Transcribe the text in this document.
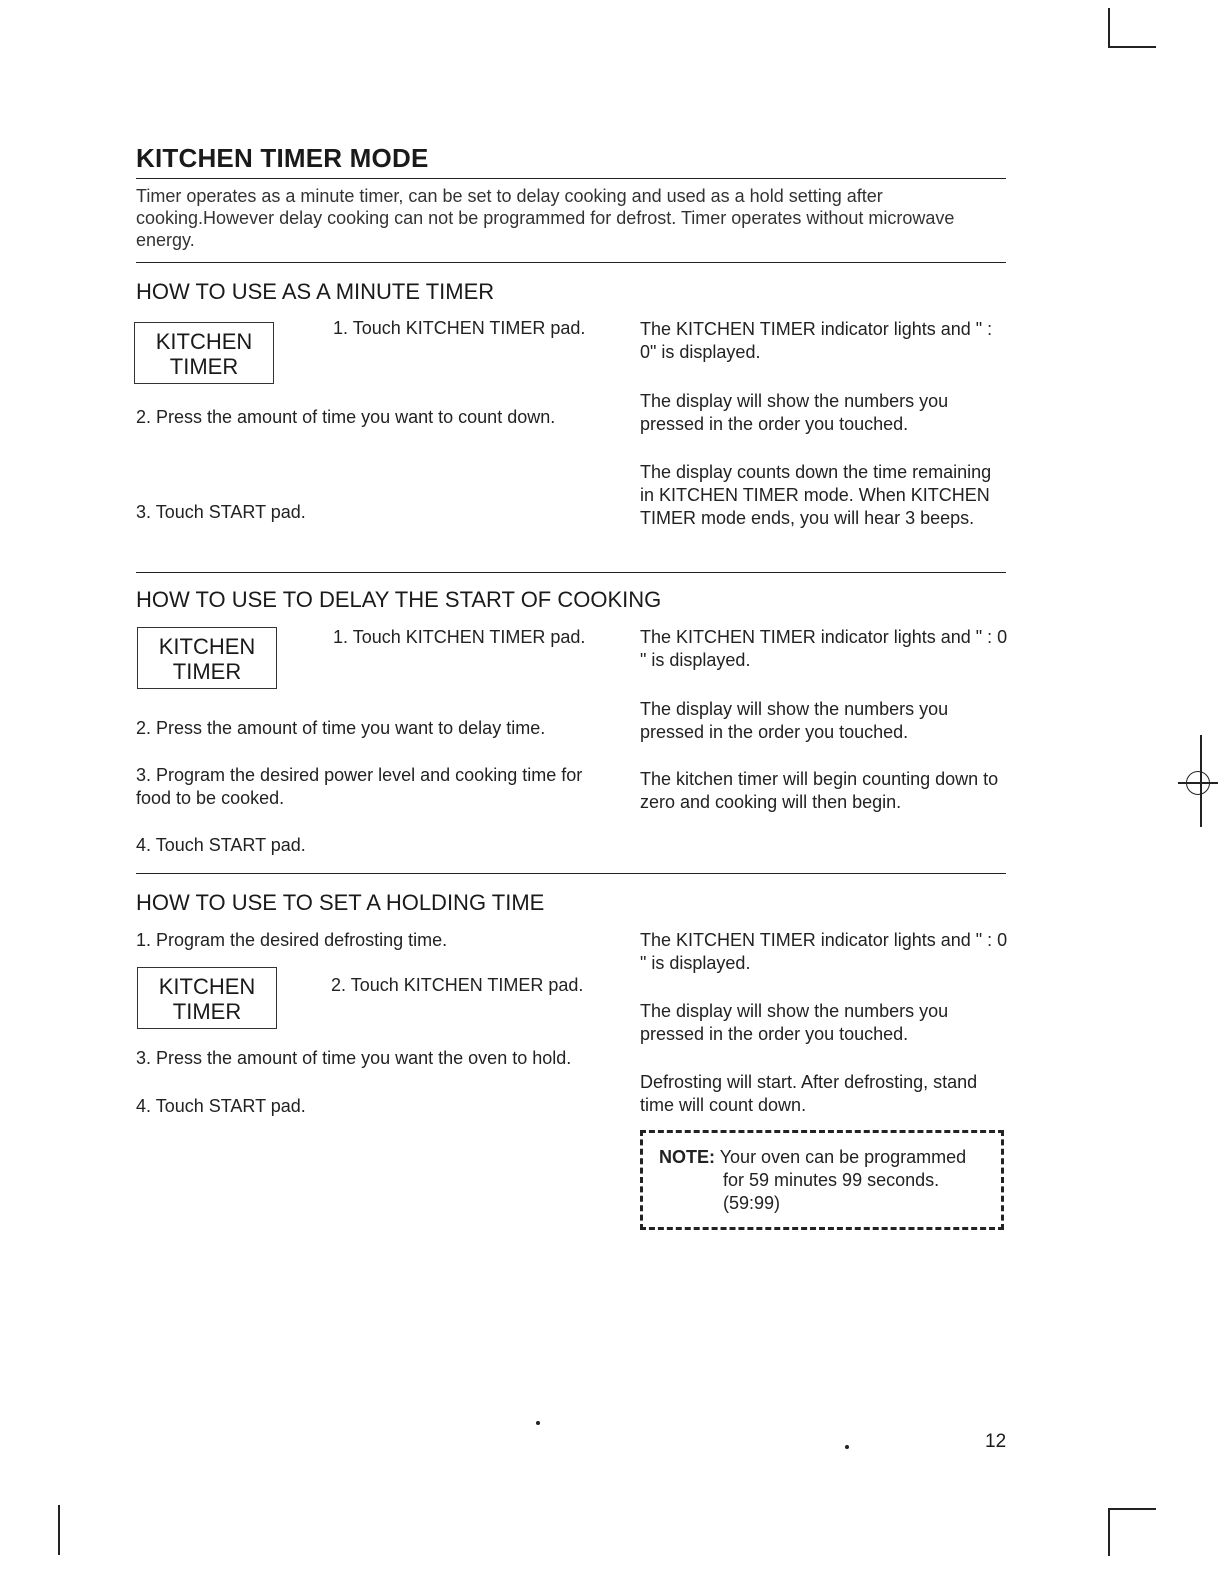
KITCHEN TIMER MODE
Timer operates as a minute timer, can be set to delay cooking and used as a hold setting after cooking.However delay cooking can not be programmed for defrost. Timer operates without microwave energy.
HOW TO USE AS A MINUTE TIMER
KITCHEN
TIMER
1. Touch KITCHEN TIMER pad.
2. Press the amount of time you want to count down.
3. Touch START pad.
The KITCHEN TIMER indicator lights and " : 0" is displayed.
The display will show the numbers you pressed in the order you touched.
The display counts down the time remaining in KITCHEN TIMER mode. When KITCHEN TIMER mode ends, you will hear 3 beeps.
HOW TO USE TO DELAY THE START OF COOKING
KITCHEN
TIMER
1. Touch KITCHEN TIMER pad.
2. Press the amount of time you want to delay time.
3. Program the desired power level and cooking time for food to be cooked.
4. Touch START pad.
The KITCHEN TIMER indicator lights and " : 0 " is displayed.
The display will show the numbers you pressed in the order you touched.
The kitchen timer will begin counting down to zero and cooking will then begin.
HOW TO USE TO SET A HOLDING TIME
1. Program the desired defrosting time.
KITCHEN
TIMER
2. Touch KITCHEN TIMER pad.
3. Press the amount of time you want the oven to hold.
4. Touch START pad.
The KITCHEN TIMER indicator lights and " : 0 " is displayed.
The display will show the numbers you pressed in the order you touched.
Defrosting will start. After defrosting, stand time will count down.
NOTE: Your oven can be programmed
for 59 minutes 99 seconds.
(59:99)
12
